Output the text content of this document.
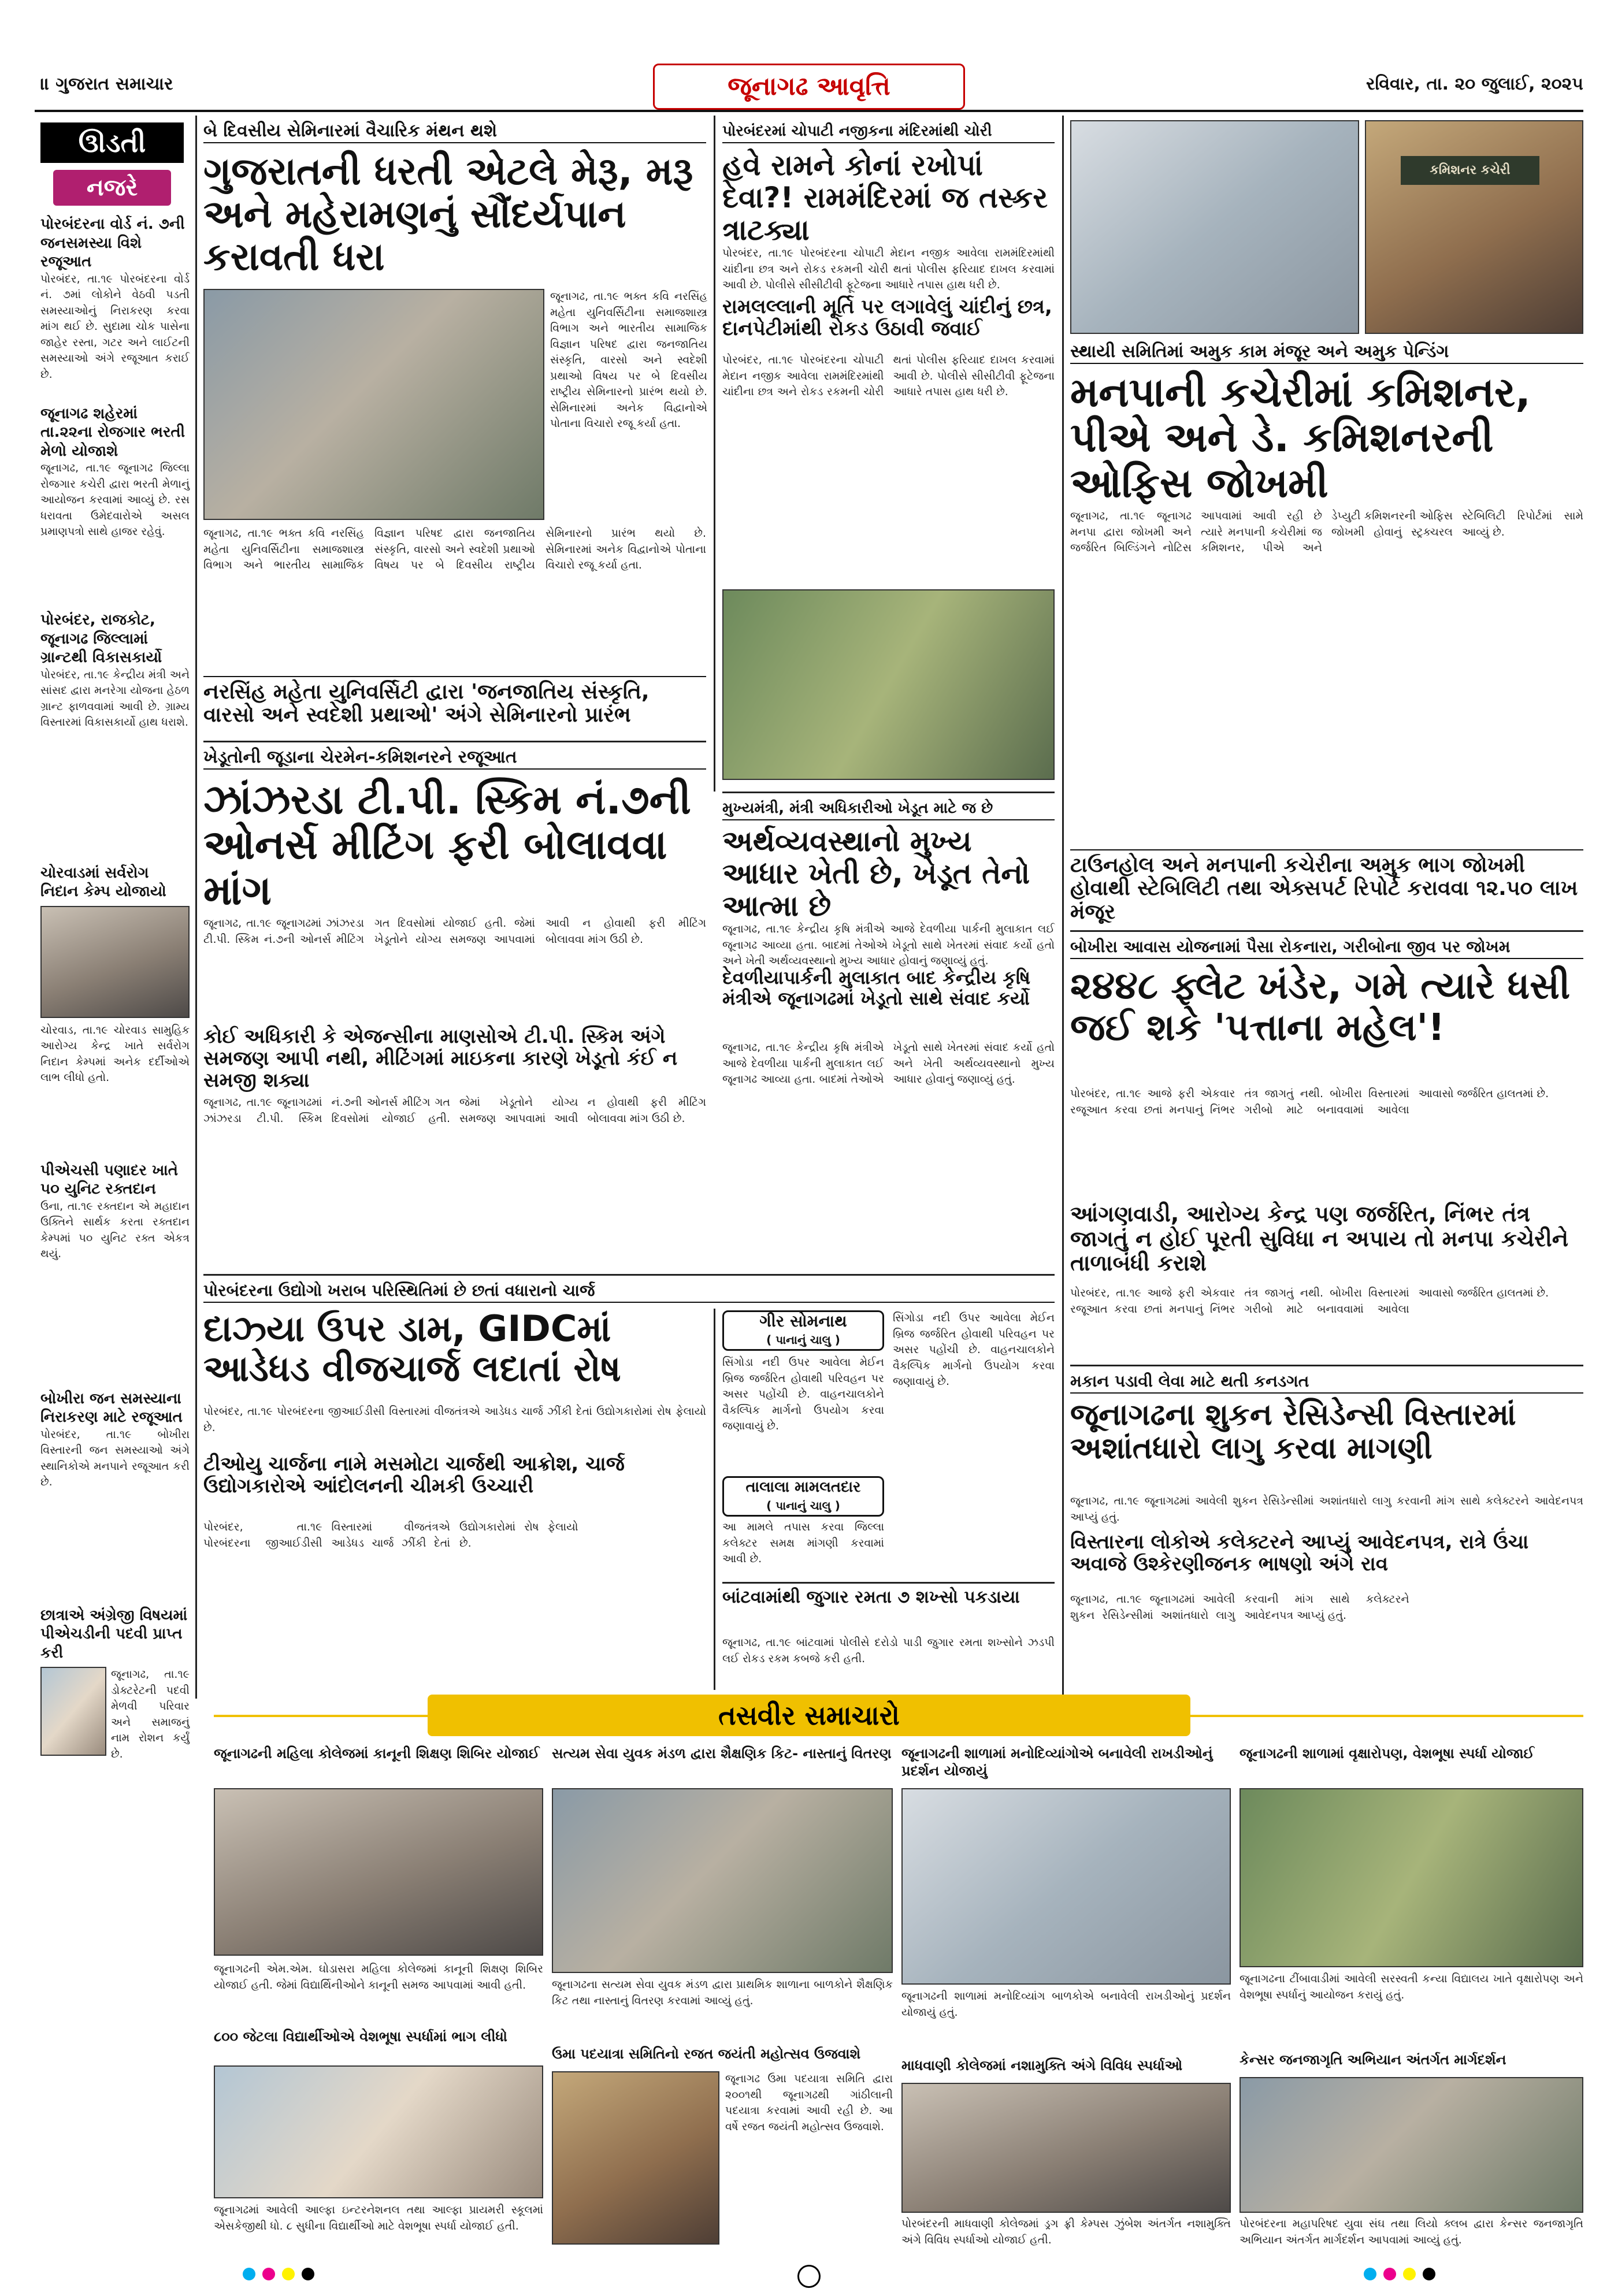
॥ ગુજરાત સમાચાર	જૂનાગઢ આવૃત્તિ	રવિવાર, તા. ૨૦ જુલાઈ, ૨૦૨૫
ઊડતી
નજરે
પોરબંદરના વોર્ડ નં. ૭ની જનસમસ્યા વિશે રજૂઆત
પોરબંદર, તા.૧૯ પોરબંદરના વોર્ડ નં. ૭માં લોકોને વેઠવી પડતી સમસ્યાઓનું નિરાકરણ કરવા માંગ થઈ છે. સુદામા ચોક પાસેના જાહેર રસ્તા, ગટર અને લાઈટની સમસ્યાઓ અંગે રજૂઆત કરાઈ છે.
જૂનાગઢ શહેરમાં તા.૨૨ના રોજગાર ભરતી મેળો યોજાશે
જૂનાગઢ, તા.૧૯ જૂનાગઢ જિલ્લા રોજગાર કચેરી દ્વારા ભરતી મેળાનું આયોજન કરવામાં આવ્યું છે. રસ ધરાવતા ઉમેદવારોએ અસલ પ્રમાણપત્રો સાથે હાજર રહેવું.
પોરબંદર, રાજકોટ, જૂનાગઢ જિલ્લામાં ગ્રાન્ટથી વિકાસકાર્યો
પોરબંદર, તા.૧૯ કેન્દ્રીય મંત્રી અને સાંસદ દ્વારા મનરેગા યોજના હેઠળ ગ્રાન્ટ ફાળવવામાં આવી છે. ગ્રામ્ય વિસ્તારમાં વિકાસકાર્યો હાથ ધરાશે.
ચોરવાડમાં સર્વરોગ નિદાન કેમ્પ યોજાયો
ચોરવાડ, તા.૧૯ ચોરવાડ સામુહિક આરોગ્ય કેન્દ્ર ખાતે સર્વરોગ નિદાન કેમ્પમાં અનેક દર્દીઓએ લાભ લીધો હતો.
પીએચસી પણાદર ખાતે ૫૦ યુનિટ રક્તદાન
ઉના, તા.૧૯ રક્તદાન એ મહાદાન ઉક્તિને સાર્થક કરતા રક્તદાન કેમ્પમાં ૫૦ યુનિટ રક્ત એકત્ર થયું.
બોખીરા જન સમસ્યાના નિરાકરણ માટે રજૂઆત
પોરબંદર, તા.૧૯ બોખીરા વિસ્તારની જન સમસ્યાઓ અંગે સ્થાનિકોએ મનપાને રજૂઆત કરી છે.
છાત્રાએ અંગ્રેજી વિષયમાં પીએચડીની પદવી પ્રાપ્ત કરી
જૂનાગઢ, તા.૧૯ ડોક્ટરેટની પદવી મેળવી પરિવાર અને સમાજનું નામ રોશન કર્યું છે.
બે દિવસીય સેમિનારમાં વૈચારિક મંથન થશે
ગુજરાતની ધરતી એટલે મેરૂ, મરૂ અને મહેરામણનું સૌંદર્યપાન કરાવતી ધરા
જૂનાગઢ, તા.૧૯ ભક્ત કવિ નરસિંહ મહેતા યુનિવર્સિટીના સમાજશાસ્ત્ર વિભાગ અને ભારતીય સામાજિક વિજ્ઞાન પરિષદ દ્વારા જનજાતિય સંસ્કૃતિ, વારસો અને સ્વદેશી પ્રથાઓ વિષય પર બે દિવસીય રાષ્ટ્રીય સેમિનારનો પ્રારંભ થયો છે. સેમિનારમાં અનેક વિદ્વાનોએ પોતાના વિચારો રજૂ કર્યા હતા.
જૂનાગઢ, તા.૧૯ ભક્ત કવિ નરસિંહ મહેતા યુનિવર્સિટીના સમાજશાસ્ત્ર વિભાગ અને ભારતીય સામાજિક વિજ્ઞાન પરિષદ દ્વારા જનજાતિય સંસ્કૃતિ, વારસો અને સ્વદેશી પ્રથાઓ વિષય પર બે દિવસીય રાષ્ટ્રીય સેમિનારનો પ્રારંભ થયો છે. સેમિનારમાં અનેક વિદ્વાનોએ પોતાના વિચારો રજૂ કર્યા હતા.
નરસિંહ મહેતા યુનિવર્સિટી દ્વારા 'જનજાતિય સંસ્કૃતિ, વારસો અને સ્વદેશી પ્રથાઓ' અંગે સેમિનારનો પ્રારંભ
પોરબંદરમાં ચોપાટી નજીકના મંદિરમાંથી ચોરી
હવે રામને કોનાં રખોપાં દેવા?! રામમંદિરમાં જ તસ્કર ત્રાટક્યા
પોરબંદર, તા.૧૯ પોરબંદરના ચોપાટી મેદાન નજીક આવેલા રામમંદિરમાંથી ચાંદીના છત્ર અને રોકડ રકમની ચોરી થતાં પોલીસ ફરિયાદ દાખલ કરવામાં આવી છે. પોલીસે સીસીટીવી ફૂટેજના આધારે તપાસ હાથ ધરી છે.
રામલલ્લાની મૂર્તિ પર લગાવેલું ચાંદીનું છત્ર, દાનપેટીમાંથી રોકડ ઉઠાવી જવાઈ
પોરબંદર, તા.૧૯ પોરબંદરના ચોપાટી મેદાન નજીક આવેલા રામમંદિરમાંથી ચાંદીના છત્ર અને રોકડ રકમની ચોરી થતાં પોલીસ ફરિયાદ દાખલ કરવામાં આવી છે. પોલીસે સીસીટીવી ફૂટેજના આધારે તપાસ હાથ ધરી છે.
કમિશનર કચેરી
સ્થાયી સમિતિમાં અમુક કામ મંજૂર અને અમુક પેન્ડિંગ
મનપાની કચેરીમાં કમિશનર, પીએ અને ડે. કમિશનરની ઓફિસ જોખમી
જૂનાગઢ, તા.૧૯ જૂનાગઢ મનપા દ્વારા જોખમી અને જર્જરિત બિલ્ડિંગને નોટિસ આપવામાં આવી રહી છે ત્યારે મનપાની કચેરીમાં જ કમિશનર, પીએ અને ડેપ્યુટી કમિશનરની ઓફિસ જોખમી હોવાનું સ્ટ્રક્ચરલ સ્ટેબિલિટી રિપોર્ટમાં સામે આવ્યું છે.
ટાઉનહોલ અને મનપાની કચેરીના અમુક ભાગ જોખમી હોવાથી સ્ટેબિલિટી તથા એક્સપર્ટ રિપોર્ટ કરાવવા ૧૨.૫૦ લાખ મંજૂર
ખેડૂતોની જૂડાના ચેરમેન-કમિશનરને રજૂઆત
ઝાંઝરડા ટી.પી. સ્કિમ નં.૭ની ઓનર્સ મીટિંગ ફરી બોલાવવા માંગ
જૂનાગઢ, તા.૧૯ જૂનાગઢમાં ઝાંઝરડા ટી.પી. સ્કિમ નં.૭ની ઓનર્સ મીટિંગ ગત દિવસોમાં યોજાઈ હતી. જેમાં ખેડૂતોને યોગ્ય સમજણ આપવામાં આવી ન હોવાથી ફરી મીટિંગ બોલાવવા માંગ ઉઠી છે.
કોઈ અધિકારી કે એજન્સીના માણસોએ ટી.પી. સ્કિમ અંગે સમજણ આપી નથી, મીટિંગમાં માઇકના કારણે ખેડૂતો કંઈ ન સમજી શક્યા
જૂનાગઢ, તા.૧૯ જૂનાગઢમાં ઝાંઝરડા ટી.પી. સ્કિમ નં.૭ની ઓનર્સ મીટિંગ ગત દિવસોમાં યોજાઈ હતી. જેમાં ખેડૂતોને યોગ્ય સમજણ આપવામાં આવી ન હોવાથી ફરી મીટિંગ બોલાવવા માંગ ઉઠી છે.
મુખ્યમંત્રી, મંત્રી અધિકારીઓ ખેડૂત માટે જ છે
અર્થવ્યવસ્થાનો મુખ્ય આધાર ખેતી છે, ખેડૂત તેનો આત્મા છે
જૂનાગઢ, તા.૧૯ કેન્દ્રીય કૃષિ મંત્રીએ આજે દેવળીયા પાર્કની મુલાકાત લઈ જૂનાગઢ આવ્યા હતા. બાદમાં તેઓએ ખેડૂતો સાથે ખેતરમાં સંવાદ કર્યો હતો અને ખેતી અર્થવ્યવસ્થાનો મુખ્ય આધાર હોવાનું જણાવ્યું હતું.
દેવળીયાપાર્કની મુલાકાત બાદ કેન્દ્રીય કૃષિ મંત્રીએ જૂનાગઢમાં ખેડૂતો સાથે સંવાદ કર્યો
જૂનાગઢ, તા.૧૯ કેન્દ્રીય કૃષિ મંત્રીએ આજે દેવળીયા પાર્કની મુલાકાત લઈ જૂનાગઢ આવ્યા હતા. બાદમાં તેઓએ ખેડૂતો સાથે ખેતરમાં સંવાદ કર્યો હતો અને ખેતી અર્થવ્યવસ્થાનો મુખ્ય આધાર હોવાનું જણાવ્યું હતું.
બોખીરા આવાસ યોજનામાં પૈસા રોકનારા, ગરીબોના જીવ પર જોખમ
૨૪૪૮ ફ્લેટ ખંડેર, ગમે ત્યારે ધસી જઈ શકે 'પત્તાના મહેલ'!
પોરબંદર, તા.૧૯ આજે ફરી એકવાર રજૂઆત કરવા છતાં મનપાનું નિંભર તંત્ર જાગતું નથી. બોખીરા વિસ્તારમાં ગરીબો માટે બનાવવામાં આવેલા આવાસો જર્જરિત હાલતમાં છે.
આંગણવાડી, આરોગ્ય કેન્દ્ર પણ જર્જરિત, નિંભર તંત્ર જાગતું ન હોઈ પૂરતી સુવિધા ન અપાય તો મનપા કચેરીને તાળાબંધી કરાશે
પોરબંદર, તા.૧૯ આજે ફરી એકવાર રજૂઆત કરવા છતાં મનપાનું નિંભર તંત્ર જાગતું નથી. બોખીરા વિસ્તારમાં ગરીબો માટે બનાવવામાં આવેલા આવાસો જર્જરિત હાલતમાં છે.
પોરબંદરના ઉદ્યોગો ખરાબ પરિસ્થિતિમાં છે છતાં વધારાનો ચાર્જ
દાઝ્યા ઉપર ડામ, GIDCમાં આડેધડ વીજચાર્જ લદાતાં રોષ
પોરબંદર, તા.૧૯ પોરબંદરના જીઆઈડીસી વિસ્તારમાં વીજતંત્રએ આડેધડ ચાર્જ ઝીંકી દેતાં ઉદ્યોગકારોમાં રોષ ફેલાયો છે.
ટીઓયુ ચાર્જના નામે મસમોટા ચાર્જથી આક્રોશ, ચાર્જ ઉદ્યોગકારોએ આંદોલનની ચીમકી ઉચ્ચારી
પોરબંદર, તા.૧૯ પોરબંદરના જીઆઈડીસી વિસ્તારમાં વીજતંત્રએ આડેધડ ચાર્જ ઝીંકી દેતાં ઉદ્યોગકારોમાં રોષ ફેલાયો છે.
ગીર સોમનાથ
( પાનાનું ચાલુ )
સિંગોડા નદી ઉપર આવેલા મેઈન બ્રિજ જર્જરિત હોવાથી પરિવહન પર અસર પહોંચી છે. વાહનચાલકોને વૈકલ્પિક માર્ગનો ઉપયોગ કરવા જણાવાયું છે.
સિંગોડા નદી ઉપર આવેલા મેઈન બ્રિજ જર્જરિત હોવાથી પરિવહન પર અસર પહોંચી છે. વાહનચાલકોને વૈકલ્પિક માર્ગનો ઉપયોગ કરવા જણાવાયું છે.
તાલાલા મામલતદાર
( પાનાનું ચાલુ )
આ મામલે તપાસ કરવા જિલ્લા કલેક્ટર સમક્ષ માંગણી કરવામાં આવી છે.
બાંટવામાંથી જુગાર રમતા ૭ શખ્સો પકડાયા
જૂનાગઢ, તા.૧૯ બાંટવામાં પોલીસે દરોડો પાડી જુગાર રમતા શખ્સોને ઝડપી લઈ રોકડ રકમ કબજે કરી હતી.
મકાન પડાવી લેવા માટે થતી કનડગત
જૂનાગઢના શુકન રેસિડેન્સી વિસ્તારમાં અશાંતધારો લાગુ કરવા માગણી
જૂનાગઢ, તા.૧૯ જૂનાગઢમાં આવેલી શુકન રેસિડેન્સીમાં અશાંતધારો લાગુ કરવાની માંગ સાથે કલેક્ટરને આવેદનપત્ર આપ્યું હતું.
વિસ્તારના લોકોએ કલેક્ટરને આપ્યું આવેદનપત્ર, રાત્રે ઉંચા અવાજે ઉશ્કેરણીજનક ભાષણો અંગે રાવ
જૂનાગઢ, તા.૧૯ જૂનાગઢમાં આવેલી શુકન રેસિડેન્સીમાં અશાંતધારો લાગુ કરવાની માંગ સાથે કલેક્ટરને આવેદનપત્ર આપ્યું હતું.
તસવીર સમાચારો
જૂનાગઢની મહિલા કોલેજમાં કાનૂની શિક્ષણ શિબિર યોજાઈ
જૂનાગઢની એમ.એમ. ઘોડાસરા મહિલા કોલેજમાં કાનૂની શિક્ષણ શિબિર યોજાઈ હતી. જેમાં વિદ્યાર્થિનીઓને કાનૂની સમજ આપવામાં આવી હતી.
૮૦૦ જેટલા વિદ્યાર્થીઓએ વેશભૂષા સ્પર્ધામાં ભાગ લીધો
જૂનાગઢમાં આવેલી આલ્ફા ઇન્ટરનેશનલ તથા આલ્ફા પ્રાયમરી સ્કૂલમાં એસકેજીથી ધો. ૮ સુધીના વિદ્યાર્થીઓ માટે વેશભૂષા સ્પર્ધા યોજાઈ હતી.
સત્યમ સેવા યુવક મંડળ દ્વારા શૈક્ષણિક કિટ- નાસ્તાનું વિતરણ
જૂનાગઢના સત્યમ સેવા યુવક મંડળ દ્વારા પ્રાથમિક શાળાના બાળકોને શૈક્ષણિક કિટ તથા નાસ્તાનું વિતરણ કરવામાં આવ્યું હતું.
ઉમા પદયાત્રા સમિતિનો રજત જયંતી મહોત્સવ ઉજવાશે
જૂનાગઢ ઉમા પદયાત્રા સમિતિ દ્વારા ૨૦૦૧થી જૂનાગઢથી ગાંઠીલાની પદયાત્રા કરવામાં આવી રહી છે. આ વર્ષે રજત જયંતી મહોત્સવ ઉજવાશે.
જૂનાગઢની શાળામાં મનોદિવ્યાંગોએ બનાવેલી રાખડીઓનું પ્રદર્શન યોજાયું
જૂનાગઢની શાળામાં મનોદિવ્યાંગ બાળકોએ બનાવેલી રાખડીઓનું પ્રદર્શન યોજાયું હતું.
માધવાણી કોલેજમાં નશામુક્તિ અંગે વિવિધ સ્પર્ધાઓ
પોરબંદરની માધવાણી કોલેજમાં ડ્રગ ફ્રી કેમ્પસ ઝુંબેશ અંતર્ગત નશામુક્તિ અંગે વિવિધ સ્પર્ધાઓ યોજાઈ હતી.
જૂનાગઢની શાળામાં વૃક્ષારોપણ, વેશભૂષા સ્પર્ધા યોજાઈ
જૂનાગઢના ટીંબાવાડીમાં આવેલી સરસ્વતી કન્યા વિદ્યાલય ખાતે વૃક્ષારોપણ અને વેશભૂષા સ્પર્ધાનું આયોજન કરાયું હતું.
કેન્સર જનજાગૃતિ અભિયાન અંતર્ગત માર્ગદર્શન
પોરબંદરના મહાપરિષદ યુવા સંઘ તથા લિયો ક્લબ દ્વારા કેન્સર જનજાગૃતિ અભિયાન અંતર્ગત માર્ગદર્શન આપવામાં આવ્યું હતું.
